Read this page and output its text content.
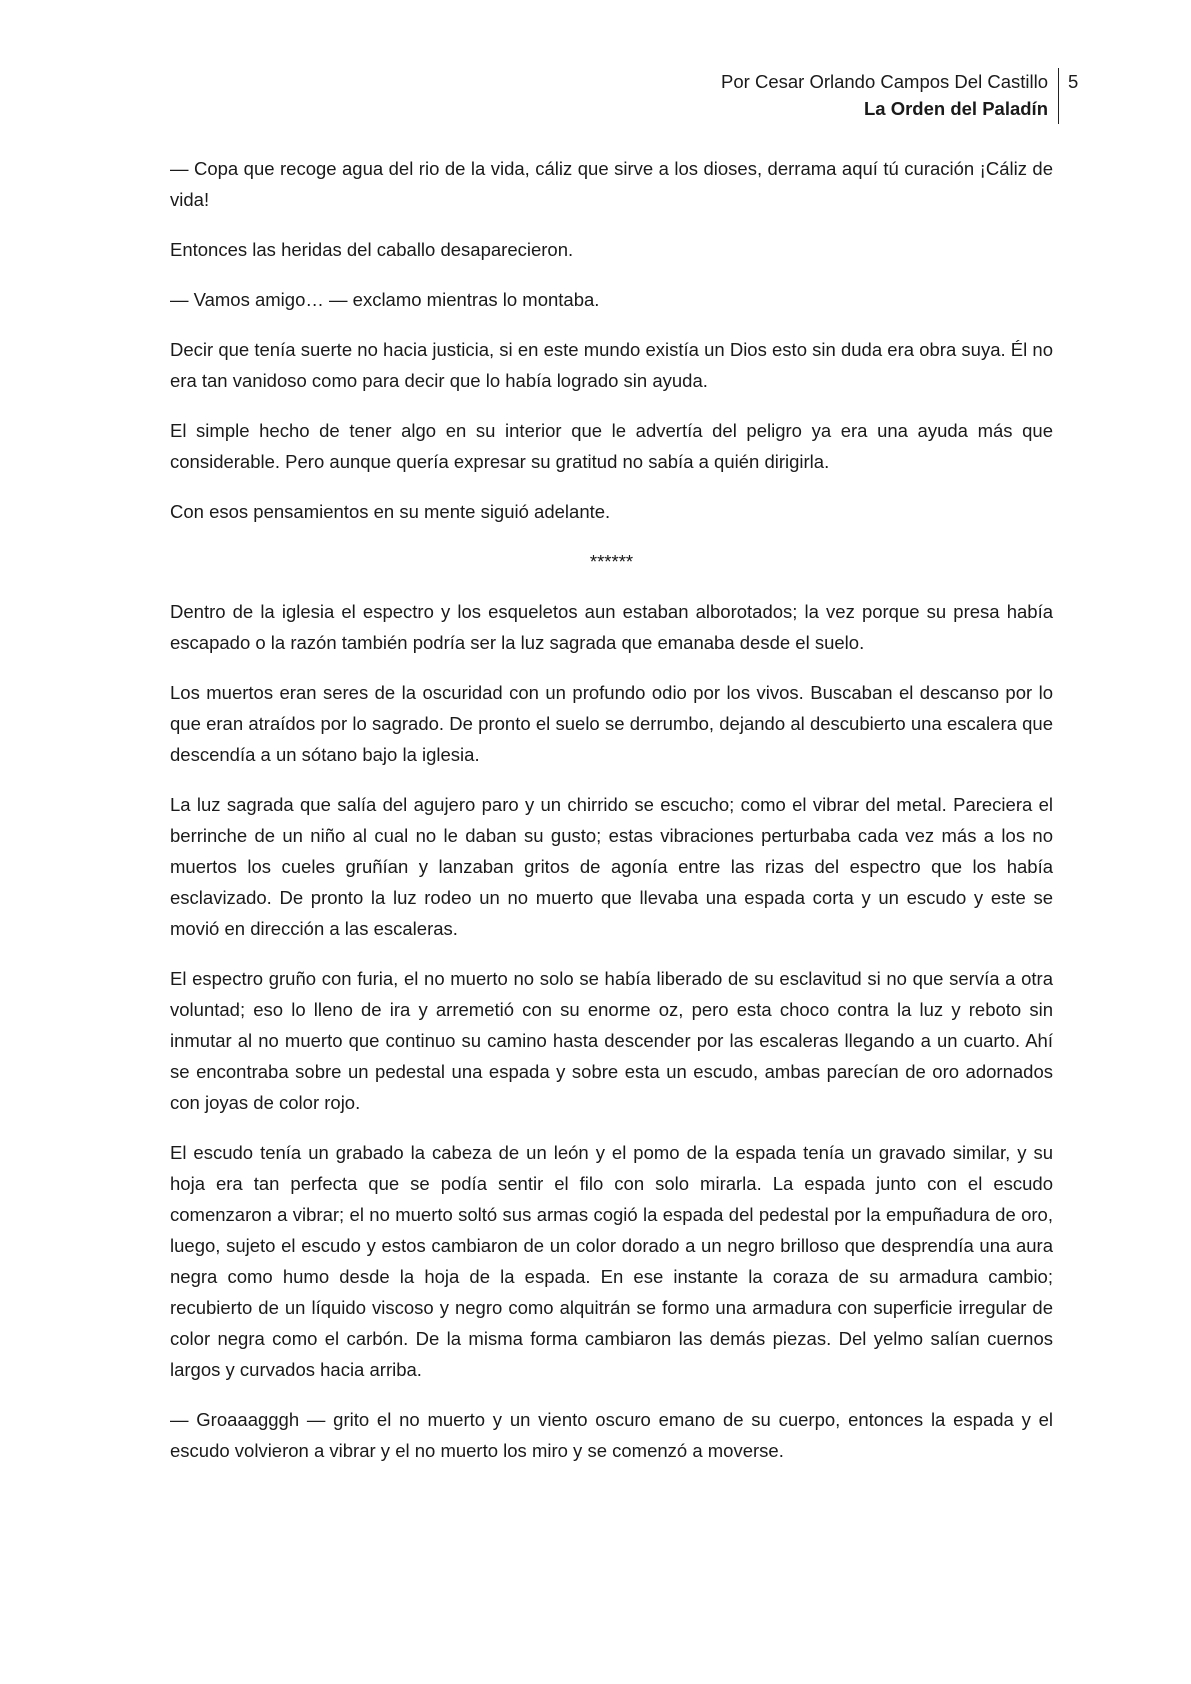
Por Cesar Orlando Campos Del Castillo
La Orden del Paladín
5

— Copa que recoge agua del rio de la vida, cáliz que sirve a los dioses, derrama aquí tú curación ¡Cáliz de vida!

Entonces las heridas del caballo desaparecieron.

— Vamos amigo… — exclamo mientras lo montaba.

Decir que tenía suerte no hacia justicia, si en este mundo existía un Dios esto sin duda era obra suya. Él no era tan vanidoso como para decir que lo había logrado sin ayuda.

El simple hecho de tener algo en su interior que le advertía del peligro ya era una ayuda más que considerable. Pero aunque quería expresar su gratitud no sabía a quién dirigirla.

Con esos pensamientos en su mente siguió adelante.

******

Dentro de la iglesia el espectro y los esqueletos aun estaban alborotados; la vez porque su presa había escapado o la razón también podría ser la luz sagrada que emanaba desde el suelo.

Los muertos eran seres de la oscuridad con un profundo odio por los vivos. Buscaban el descanso por lo que eran atraídos por lo sagrado. De pronto el suelo se derrumbo, dejando al descubierto una escalera que descendía a un sótano bajo la iglesia.

La luz sagrada que salía del agujero paro y un chirrido se escucho; como el vibrar del metal. Pareciera el berrinche de un niño al cual no le daban su gusto; estas vibraciones perturbaba cada vez más a los no muertos los cueles gruñían y lanzaban gritos de agonía entre las rizas del espectro que los había esclavizado. De pronto la luz rodeo un no muerto que llevaba una espada corta y un escudo y este se movió en dirección a las escaleras.

El espectro gruño con furia, el no muerto no solo se había liberado de su esclavitud si no que servía a otra voluntad; eso lo lleno de ira y arremetió con su enorme oz, pero esta choco contra la luz y reboto sin inmutar al no muerto que continuo su camino hasta descender por las escaleras llegando a un cuarto. Ahí se encontraba sobre un pedestal una espada y sobre esta un escudo, ambas parecían de oro adornados con joyas de color rojo.

El escudo tenía un grabado la cabeza de un león y el pomo de la espada tenía un gravado similar, y su hoja era tan perfecta que se podía sentir el filo con solo mirarla. La espada junto con el escudo comenzaron a vibrar; el no muerto soltó sus armas cogió la espada del pedestal por la empuñadura de oro, luego, sujeto el escudo y estos cambiaron de un color dorado a un negro brilloso que desprendía una aura negra como humo desde la hoja de la espada. En ese instante la coraza de su armadura cambio; recubierto de un líquido viscoso y negro como alquitrán se formo una armadura con superficie irregular de color negra como el carbón. De la misma forma cambiaron las demás piezas. Del yelmo salían cuernos largos y curvados hacia arriba.

— Groaaagggh — grito el no muerto y un viento oscuro emano de su cuerpo, entonces la espada y el escudo volvieron a vibrar y el no muerto los miro y se comenzó a moverse.
